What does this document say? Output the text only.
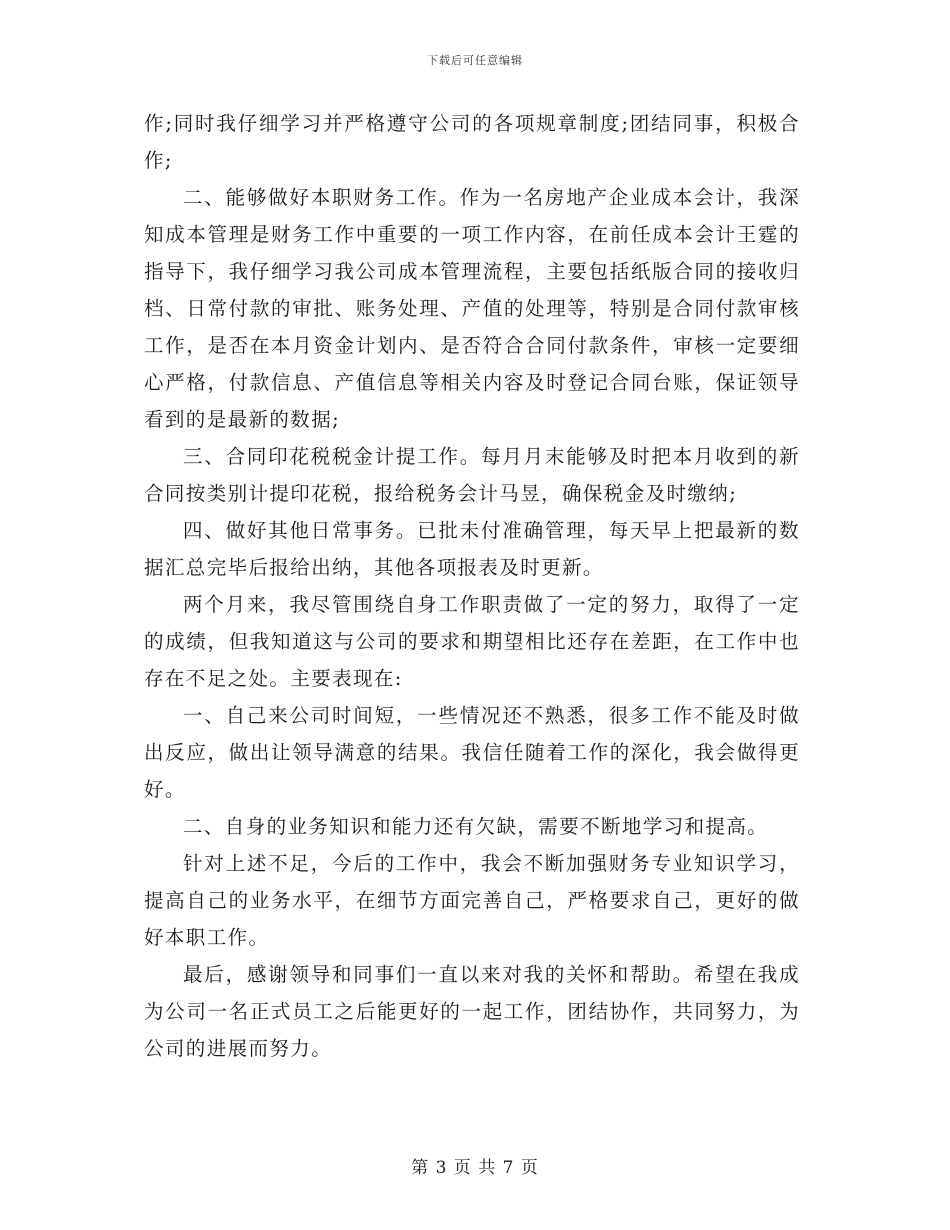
下载后可任意编辑

作;同时我仔细学习并严格遵守公司的各项规章制度;团结同事，积极合作;

二、能够做好本职财务工作。作为一名房地产企业成本会计，我深知成本管理是财务工作中重要的一项工作内容，在前任成本会计王霆的指导下，我仔细学习我公司成本管理流程，主要包括纸版合同的接收归档、日常付款的审批、账务处理、产值的处理等，特别是合同付款审核工作，是否在本月资金计划内、是否符合合同付款条件，审核一定要细心严格，付款信息、产值信息等相关内容及时登记合同台账，保证领导看到的是最新的数据;

三、合同印花税税金计提工作。每月月末能够及时把本月收到的新合同按类别计提印花税，报给税务会计马昱，确保税金及时缴纳;

四、做好其他日常事务。已批未付准确管理，每天早上把最新的数据汇总完毕后报给出纳，其他各项报表及时更新。

两个月来，我尽管围绕自身工作职责做了一定的努力，取得了一定的成绩，但我知道这与公司的要求和期望相比还存在差距，在工作中也存在不足之处。主要表现在:

一、自己来公司时间短，一些情况还不熟悉，很多工作不能及时做出反应，做出让领导满意的结果。我信任随着工作的深化，我会做得更好。

二、自身的业务知识和能力还有欠缺，需要不断地学习和提高。

针对上述不足，今后的工作中，我会不断加强财务专业知识学习，提高自己的业务水平，在细节方面完善自己，严格要求自己，更好的做好本职工作。

最后，感谢领导和同事们一直以来对我的关怀和帮助。希望在我成为公司一名正式员工之后能更好的一起工作，团结协作，共同努力，为公司的进展而努力。

第 3 页 共 7 页
